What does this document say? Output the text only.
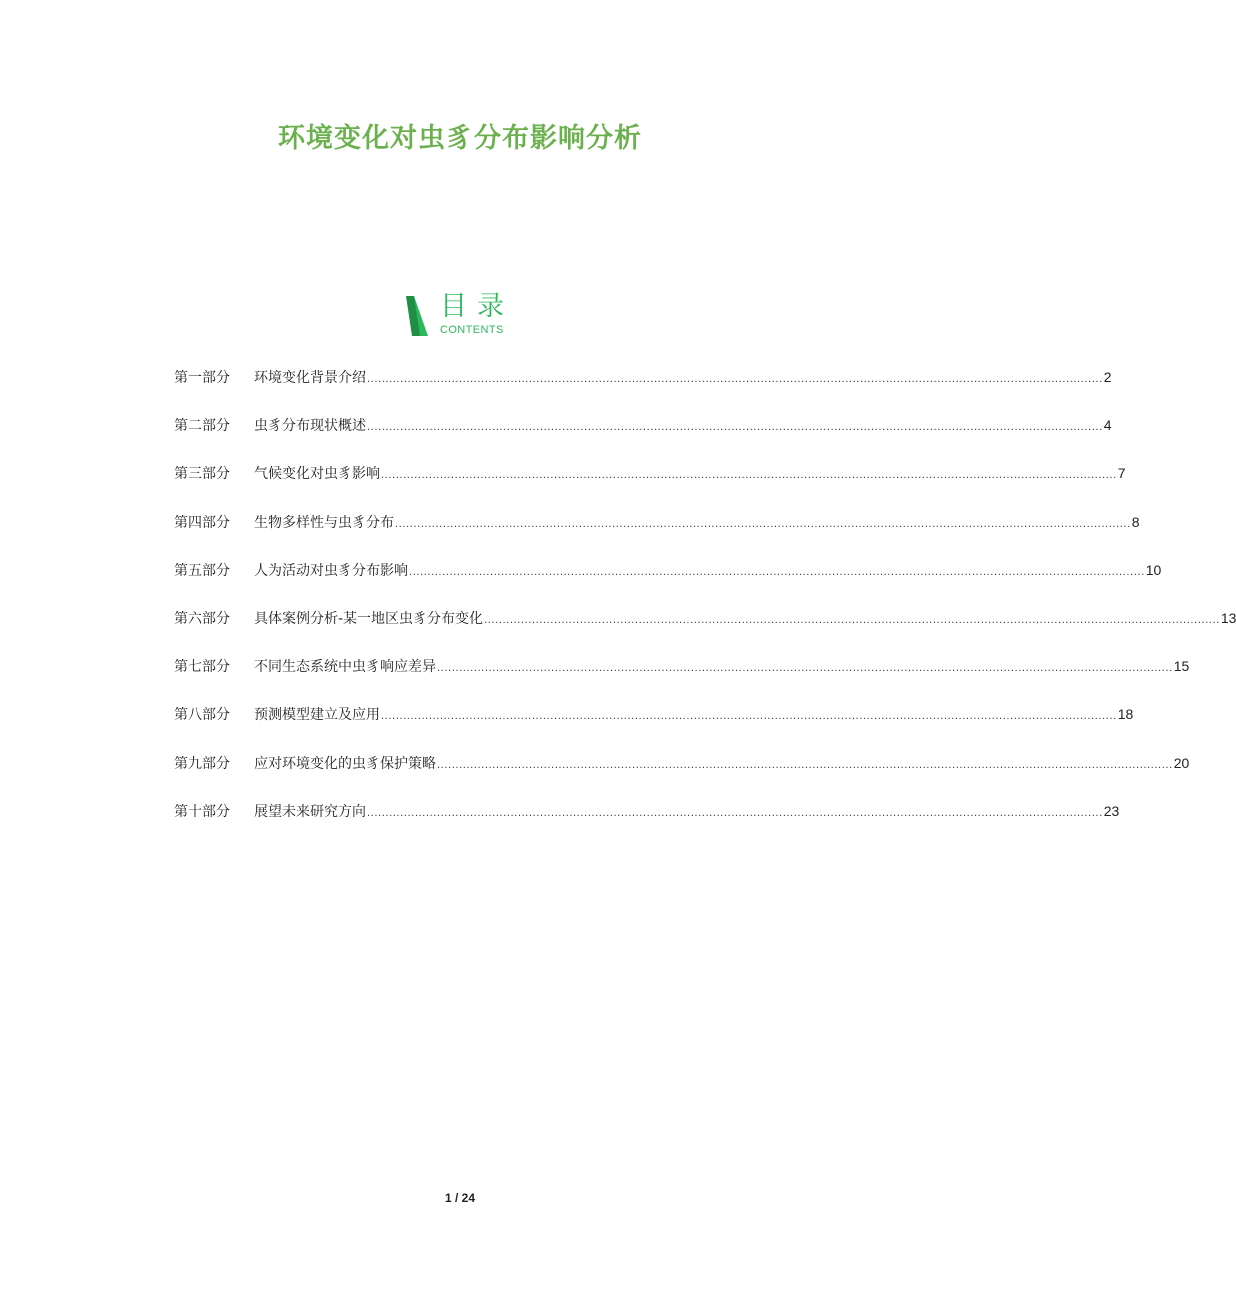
环境变化对虫豸分布影响分析
目录
CONTENTS
第一部分	环境变化背景介绍 ........................................................................................................................................................................................................ 2
第二部分	虫豸分布现状概述 ........................................................................................................................................................................................................ 4
第三部分	气候变化对虫豸影响 ........................................................................................................................................................................................................ 7
第四部分	生物多样性与虫豸分布 ........................................................................................................................................................................................................ 8
第五部分	人为活动对虫豸分布影响 ........................................................................................................................................................................................................ 10
第六部分	具体案例分析-某一地区虫豸分布变化 ........................................................................................................................................................................................................ 13
第七部分	不同生态系统中虫豸响应差异 ........................................................................................................................................................................................................ 15
第八部分	预测模型建立及应用 ........................................................................................................................................................................................................ 18
第九部分	应对环境变化的虫豸保护策略 ........................................................................................................................................................................................................ 20
第十部分	展望未来研究方向 ........................................................................................................................................................................................................ 23
1 / 24
